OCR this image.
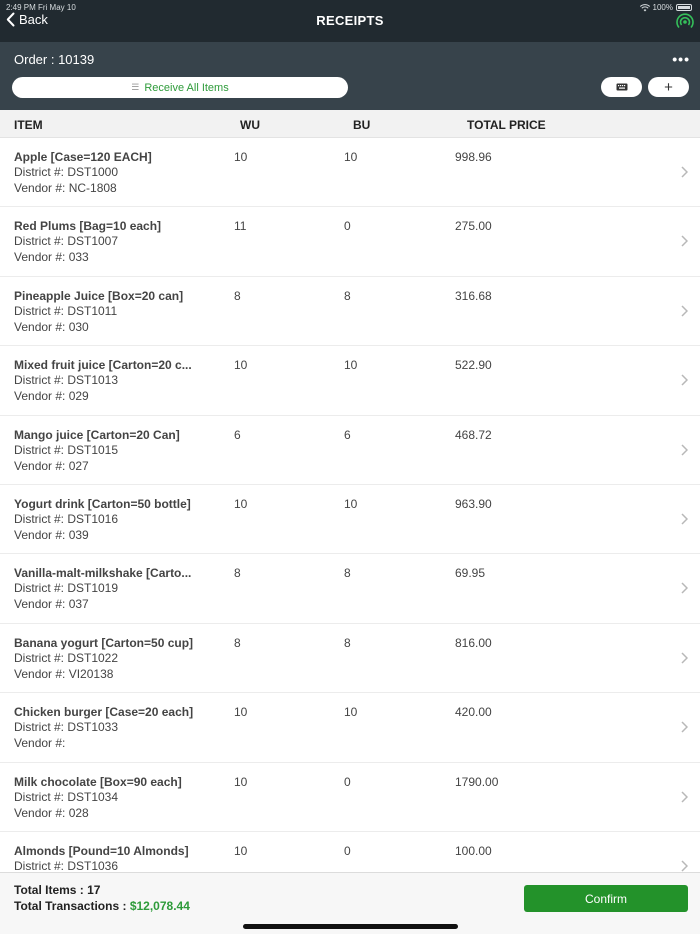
2:49 PM Fri May 10	100%
Back	RECEIPTS
Order : 10139	•••
☰ Receive All Items	+
ITEM	WU	BU	TOTAL PRICE
Apple [Case=120 EACH]
District #: DST1000
Vendor #: NC-1808
10	10	998.96
Red Plums [Bag=10 each]
District #: DST1007
Vendor #: 033
11	0	275.00
Pineapple Juice [Box=20 can]
District #: DST1011
Vendor #: 030
8	8	316.68
Mixed fruit juice [Carton=20 c...
District #: DST1013
Vendor #: 029
10	10	522.90
Mango juice [Carton=20 Can]
District #: DST1015
Vendor #: 027
6	6	468.72
Yogurt drink [Carton=50 bottle]
District #: DST1016
Vendor #: 039
10	10	963.90
Vanilla-malt-milkshake [Carto...
District #: DST1019
Vendor #: 037
8	8	69.95
Banana yogurt [Carton=50 cup]
District #: DST1022
Vendor #: VI20138
8	8	816.00
Chicken burger [Case=20 each]
District #: DST1033
Vendor #:
10	10	420.00
Milk chocolate [Box=90 each]
District #: DST1034
Vendor #: 028
10	0	1790.00
Almonds [Pound=10 Almonds]
District #: DST1036
10	0	100.00
Total Items : 17
Total Transactions : $12,078.44
Confirm
